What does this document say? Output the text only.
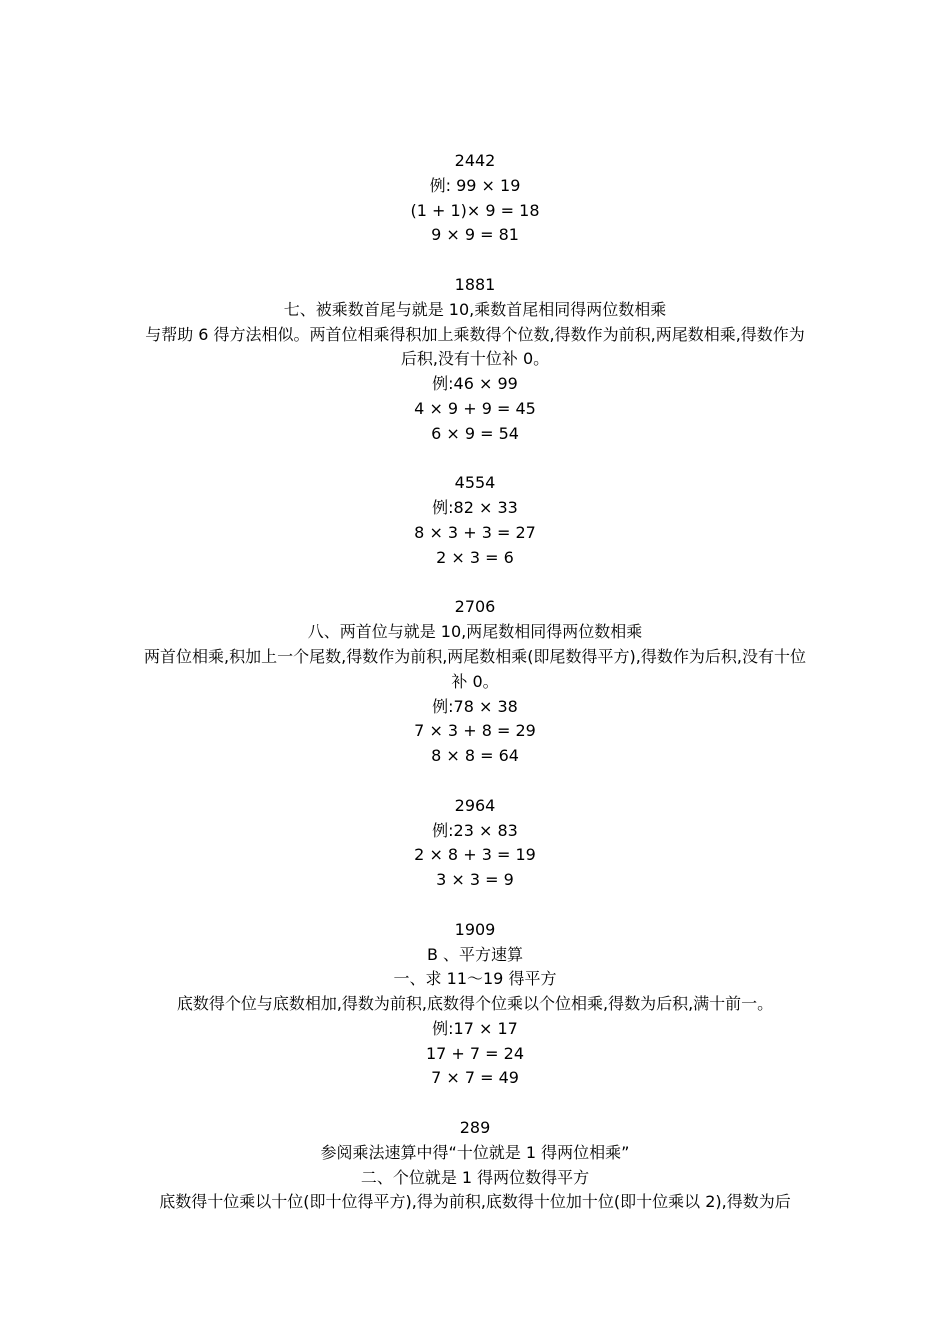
2442
例: 99 × 19
(1 + 1)× 9 = 18
9 × 9 = 81
1881
七、被乘数首尾与就是 10,乘数首尾相同得两位数相乘
与帮助 6 得方法相似。两首位相乘得积加上乘数得个位数,得数作为前积,两尾数相乘,得数作为后积,没有十位补 0。
例:46 × 99
4 × 9 + 9 = 45
6 × 9 = 54
4554
例:82 × 33
8 × 3 + 3 = 27
2 × 3 = 6
2706
八、两首位与就是 10,两尾数相同得两位数相乘
两首位相乘,积加上一个尾数,得数作为前积,两尾数相乘(即尾数得平方),得数作为后积,没有十位补 0。
例:78 × 38
7 × 3 + 8 = 29
8 × 8 = 64
2964
例:23 × 83
2 × 8 + 3 = 19
3 × 3 = 9
1909
B 、平方速算
一、求 11～19 得平方
底数得个位与底数相加,得数为前积,底数得个位乘以个位相乘,得数为后积,满十前一。
例:17 × 17
17 + 7 = 24
7 × 7 = 49
289
参阅乘法速算中得“十位就是 1 得两位相乘”
二、个位就是 1 得两位数得平方
底数得十位乘以十位(即十位得平方),得为前积,底数得十位加十位(即十位乘以 2),得数为后
